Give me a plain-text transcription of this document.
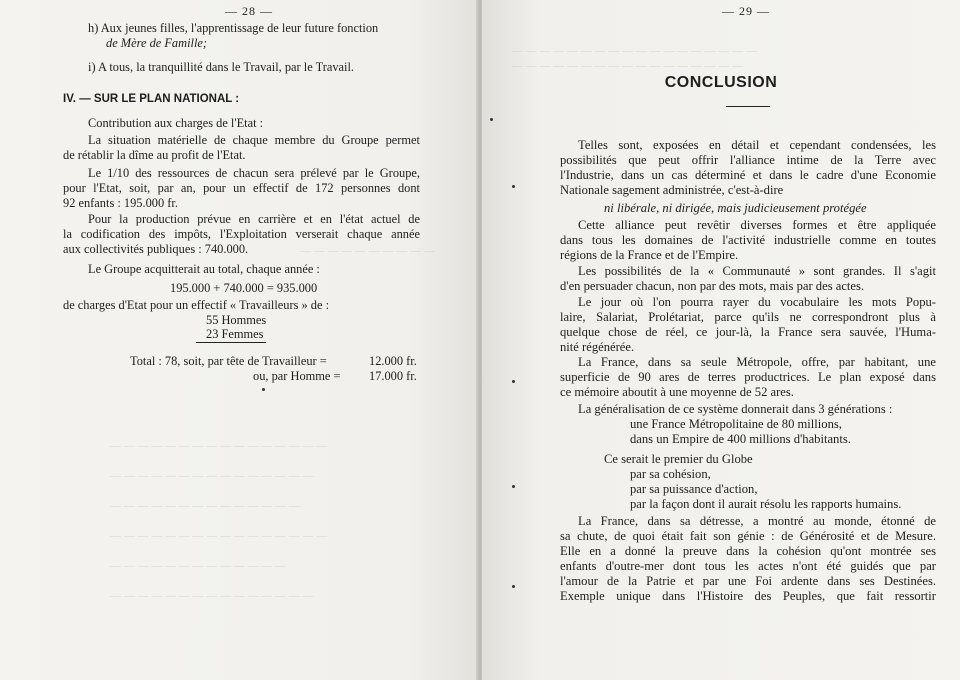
— 28 —
h) Aux jeunes filles, l'apprentissage de leur future fonction
de Mère de Famille;
i) A tous, la tranquillité dans le Travail, par le Travail.
IV. — SUR LE PLAN NATIONAL :
Contribution aux charges de l'Etat :
La situation matérielle de chaque membre du Groupe permet
de rétablir la dîme au profit de l'Etat.
Le 1/10 des ressources de chacun sera prélevé par le Groupe,
pour l'Etat, soit, par an, pour un effectif de 172 personnes dont
92 enfants : 195.000 fr.
Pour la production prévue en carrière et en l'état actuel de
la codification des impôts, l'Exploitation verserait chaque année
aux collectivités publiques : 740.000.
Le Groupe acquitterait au total, chaque année :
195.000 + 740.000 = 935.000
de charges d'Etat pour un effectif « Travailleurs » de :
55 Hommes
23 Femmes
Total : 78, soit, par tête de Travailleur =	12.000 fr.
ou, par Homme = 17.000 fr.
— — — — — — — — — —
— — — — — — — — — — — — — — — —
— — — — — — — — — — — — — — —
— — — — — — — — — — — — — —
— — — — — — — — — — — — — — — —
— — — — — — — — — — — — —
— — — — — — — — — — — — — — —
— 29 —
— — — — — — — — — — — — — — — — — —
— — — — — — — — — — — — — — — — —
CONCLUSION
Telles sont, exposées en détail et cependant condensées, les
possibilités que peut offrir l'alliance intime de la Terre avec
l'Industrie, dans un cas déterminé et dans le cadre d'une Economie
Nationale sagement administrée, c'est-à-dire
ni libérale, ni dirigée, mais judicieusement protégée
Cette alliance peut revêtir diverses formes et être appliquée
dans tous les domaines de l'activité industrielle comme en toutes
régions de la France et de l'Empire.
Les possibilités de la « Communauté » sont grandes. Il s'agit
d'en persuader chacun, non par des mots, mais par des actes.
Le jour où l'on pourra rayer du vocabulaire les mots Popu-
laire, Salariat, Prolétariat, parce qu'ils ne correspondront plus à
quelque chose de réel, ce jour-là, la France sera sauvée, l'Huma-
nité régénérée.
La France, dans sa seule Métropole, offre, par habitant, une
superficie de 90 ares de terres productrices. Le plan exposé dans
ce mémoire aboutit à une moyenne de 52 ares.
La généralisation de ce système donnerait dans 3 générations :
une France Métropolitaine de 80 millions,
dans un Empire de 400 millions d'habitants.
Ce serait le premier du Globe
par sa cohésion,
par sa puissance d'action,
par la façon dont il aurait résolu les rapports humains.
La France, dans sa détresse, a montré au monde, étonné de
sa chute, de quoi était fait son génie : de Générosité et de Mesure.
Elle en a donné la preuve dans la cohésion qu'ont montrée ses
enfants d'outre-mer dont tous les actes n'ont été guidés que par
l'amour de la Patrie et par une Foi ardente dans ses Destinées.
Exemple unique dans l'Histoire des Peuples, que fait ressortir
